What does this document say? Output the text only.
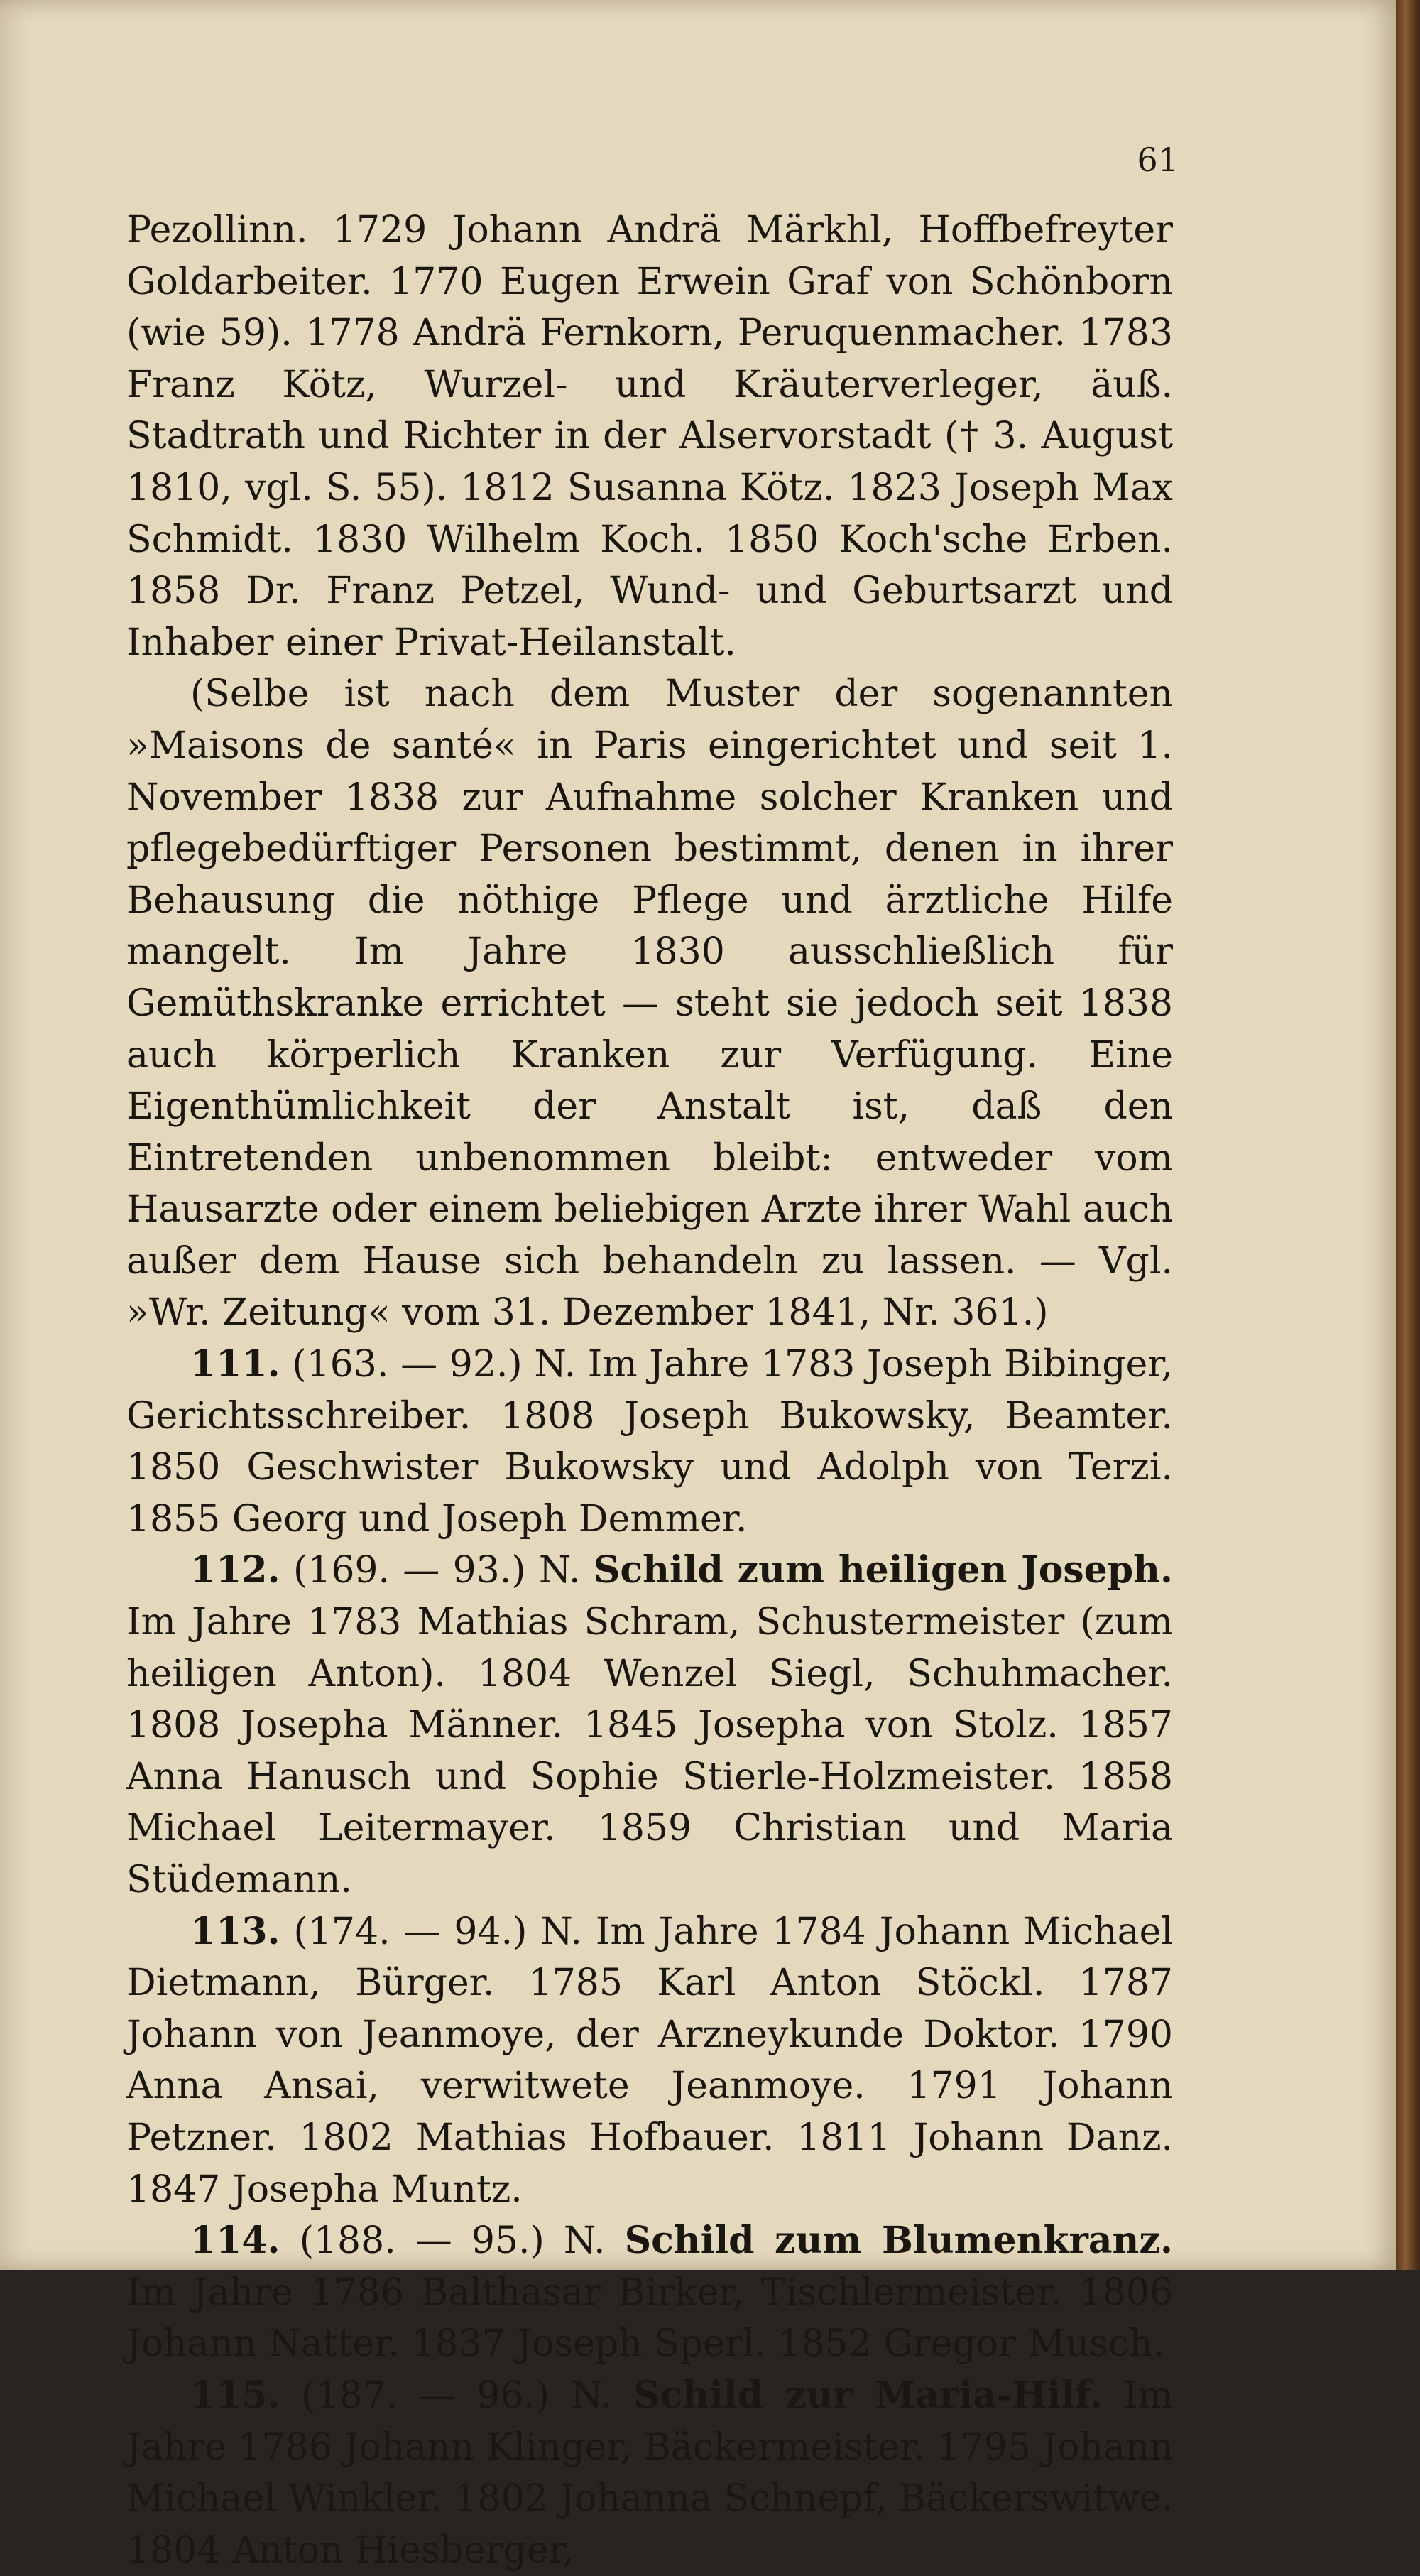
61

Pezollinn. 1729 Johann Andrä Märkhl, Hoffbefreyter Goldarbeiter. 1770 Eugen Erwein Graf von Schönborn (wie 59). 1778 Andrä Fernkorn, Peruquenmacher. 1783 Franz Kötz, Wurzel- und Kräuterverleger, äuß. Stadtrath und Richter in der Alservorstadt († 3. August 1810, vgl. S. 55). 1812 Susanna Kötz. 1823 Joseph Max Schmidt. 1830 Wilhelm Koch. 1850 Koch'sche Erben. 1858 Dr. Franz Petzel, Wund- und Geburtsarzt und Inhaber einer Privat-Heilanstalt.

(Selbe ist nach dem Muster der sogenannten »Maisons de santé« in Paris eingerichtet und seit 1. November 1838 zur Aufnahme solcher Kranken und pflegebedürftiger Personen bestimmt, denen in ihrer Behausung die nöthige Pflege und ärztliche Hilfe mangelt. Im Jahre 1830 ausschließlich für Gemüthskranke errichtet — steht sie jedoch seit 1838 auch körperlich Kranken zur Verfügung. Eine Eigenthümlichkeit der Anstalt ist, daß den Eintretenden unbenommen bleibt: entweder vom Hausarzte oder einem beliebigen Arzte ihrer Wahl auch außer dem Hause sich behandeln zu lassen. — Vgl. »Wr. Zeitung« vom 31. Dezember 1841, Nr. 361.)

111. (163. — 92.) N. Im Jahre 1783 Joseph Bibinger, Gerichtsschreiber. 1808 Joseph Bukowsky, Beamter. 1850 Geschwister Bukowsky und Adolph von Terzi. 1855 Georg und Joseph Demmer.

112. (169. — 93.) N. Schild zum heiligen Joseph. Im Jahre 1783 Mathias Schram, Schustermeister (zum heiligen Anton). 1804 Wenzel Siegl, Schuhmacher. 1808 Josepha Männer. 1845 Josepha von Stolz. 1857 Anna Hanusch und Sophie Stierle-Holzmeister. 1858 Michael Leitermayer. 1859 Christian und Maria Stüdemann.

113. (174. — 94.) N. Im Jahre 1784 Johann Michael Dietmann, Bürger. 1785 Karl Anton Stöckl. 1787 Johann von Jeanmoye, der Arzneykunde Doktor. 1790 Anna Ansai, verwitwete Jeanmoye. 1791 Johann Petzner. 1802 Mathias Hofbauer. 1811 Johann Danz. 1847 Josepha Muntz.

114. (188. — 95.) N. Schild zum Blumenkranz. Im Jahre 1786 Balthasar Birker, Tischlermeister. 1806 Johann Natter. 1837 Joseph Sperl. 1852 Gregor Musch.

115. (187. — 96.) N. Schild zur Maria-Hilf. Im Jahre 1786 Johann Klinger, Bäckermeister. 1795 Johann Michael Winkler. 1802 Johanna Schnepf, Bäckerswitwe. 1804 Anton Hiesberger,
